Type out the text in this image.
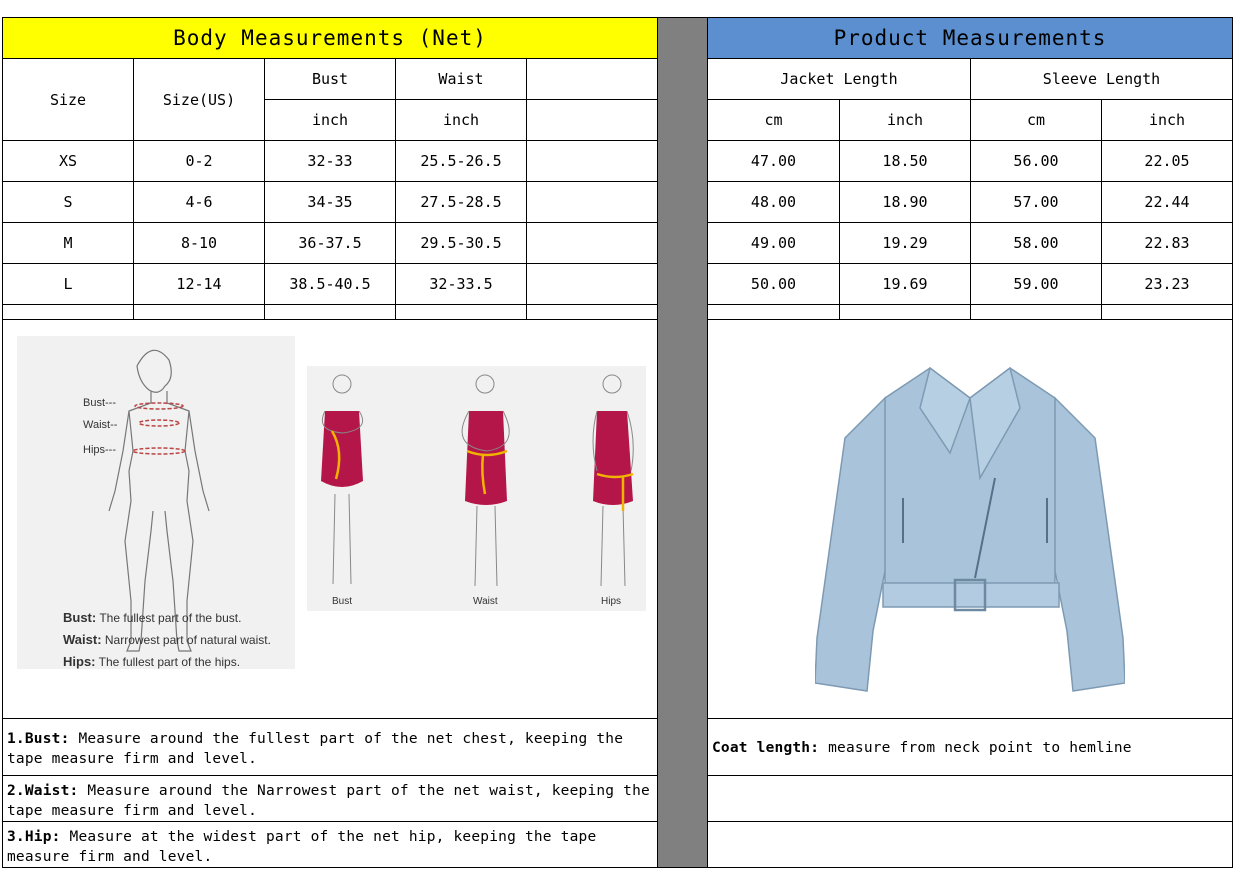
Body Measurements (Net)
Size	Size(US)
Bust	Waist
inch	inch
XS	0-2	32-33	25.5-26.5
S	4-6	34-35	27.5-28.5
M	8-10	36-37.5	29.5-30.5
L	12-14	38.5-40.5	32-33.5
Bust---
Waist--
Hips---
Bust: The fullest part of the bust.
Waist: Narrowest part of natural waist.
Hips: The fullest part of the hips.
Bust	Waist	Hips
1.Bust: Measure around the fullest part of the net chest, keeping the tape measure firm and level.
2.Waist: Measure around the Narrowest part of the net waist, keeping the tape measure firm and level.
3.Hip: Measure at the widest part of the net hip, keeping the tape measure firm and level.
Product Measurements
Jacket Length	Sleeve Length
cm	inch	cm	inch
47.00	18.50	56.00	22.05
48.00	18.90	57.00	22.44
49.00	19.29	58.00	22.83
50.00	19.69	59.00	23.23
Coat length: measure from neck point to hemline
